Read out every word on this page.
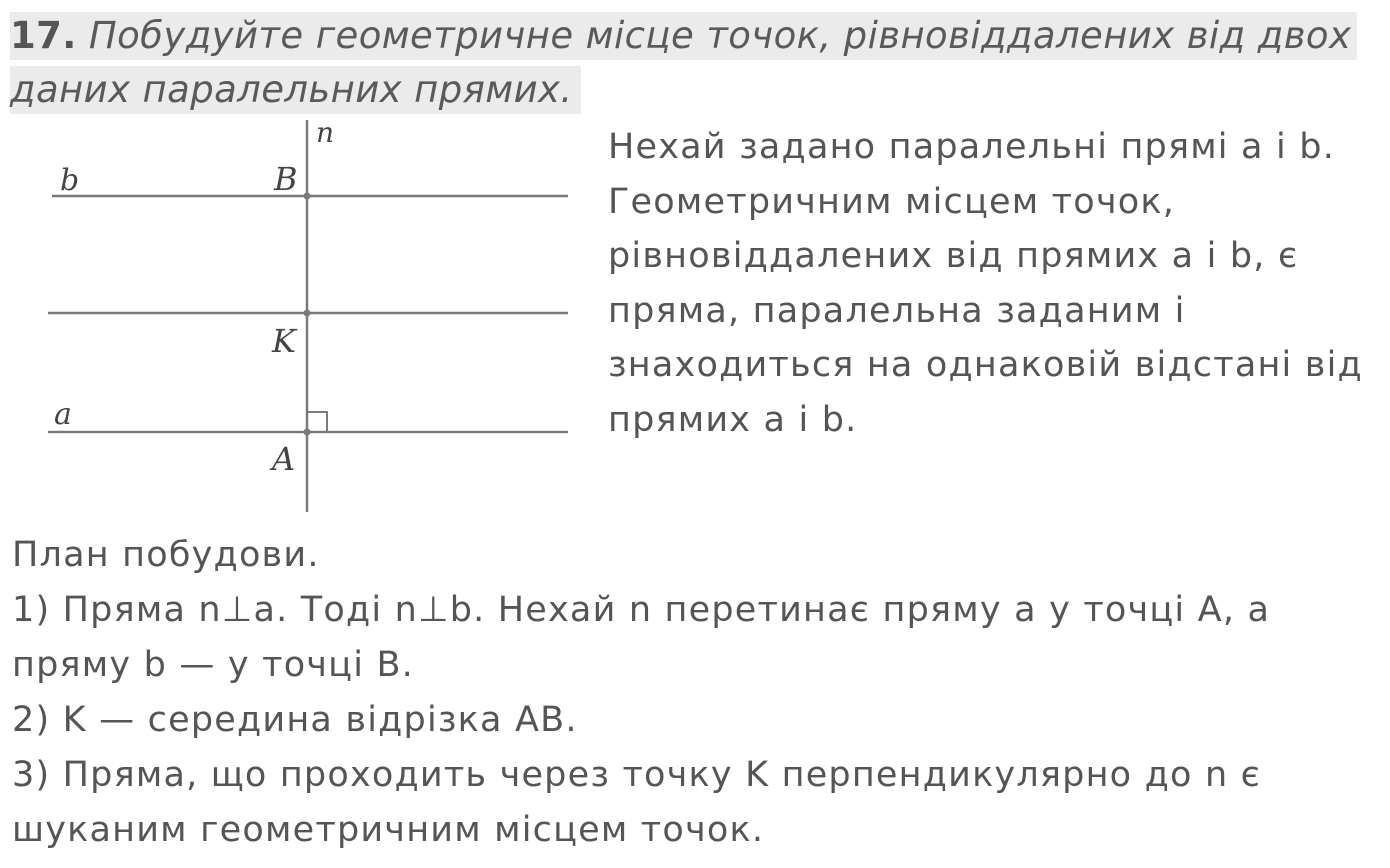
17. Побудуйте геометричне місце точок, рівновіддалених від двох
даних паралельних прямих.
n
b	B
K
a
A
Нехай задано паралельні прямі a і b.
Геометричним місцем точок,
рівновіддалених від прямих a і b, є
пряма, паралельна заданим і
знаходиться на однаковій відстані від
прямих a і b.
План побудови.
1) Пряма n⊥a. Тоді n⊥b. Нехай n перетинає пряму a у точці A, a
пряму b — у точці B.
2) K — середина відрізка AB.
3) Пряма, що проходить через точку K перпендикулярно до n є
шуканим геометричним місцем точок.
